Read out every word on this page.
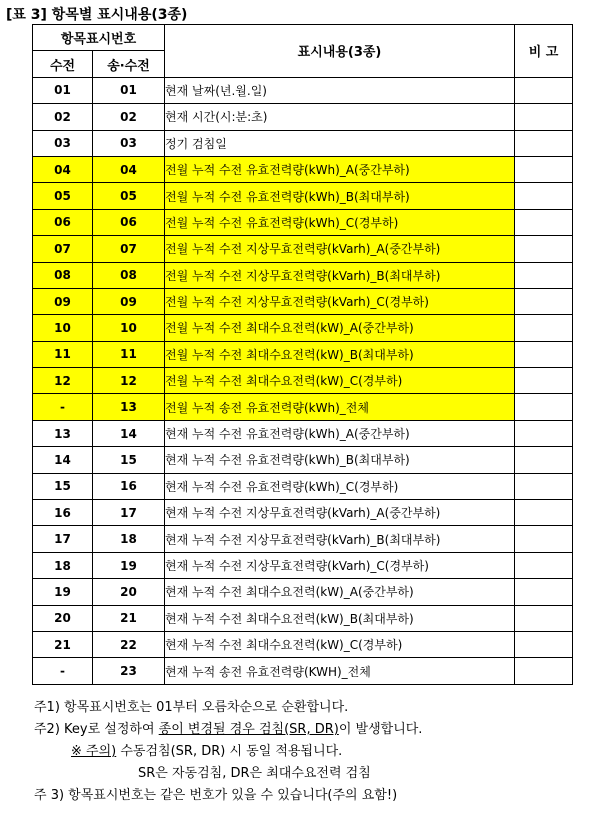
[표 3] 항목별 표시내용(3종)
항목표시번호		표시내용(3종)	비 고
수전	송·수전		
01	01	현재 날짜(년.월.일)	
02	02	현재 시간(시:분:초)	
03	03	정기 검침일	
04	04	전월 누적 수전 유효전력량(kWh)_A(중간부하)	
05	05	전월 누적 수전 유효전력량(kWh)_B(최대부하)	
06	06	전월 누적 수전 유효전력량(kWh)_C(경부하)	
07	07	전월 누적 수전 지상무효전력량(kVarh)_A(중간부하)	
08	08	전월 누적 수전 지상무효전력량(kVarh)_B(최대부하)	
09	09	전월 누적 수전 지상무효전력량(kVarh)_C(경부하)	
10	10	전월 누적 수전 최대수요전력(kW)_A(중간부하)	
11	11	전월 누적 수전 최대수요전력(kW)_B(최대부하)	
12	12	전월 누적 수전 최대수요전력(kW)_C(경부하)	
-	13	전월 누적 송전 유효전력량(kWh)_전체	
13	14	현재 누적 수전 유효전력량(kWh)_A(중간부하)	
14	15	현재 누적 수전 유효전력량(kWh)_B(최대부하)	
15	16	현재 누적 수전 유효전력량(kWh)_C(경부하)	
16	17	현재 누적 수전 지상무효전력량(kVarh)_A(중간부하)	
17	18	현재 누적 수전 지상무효전력량(kVarh)_B(최대부하)	
18	19	현재 누적 수전 지상무효전력량(kVarh)_C(경부하)	
19	20	현재 누적 수전 최대수요전력(kW)_A(중간부하)	
20	21	현재 누적 수전 최대수요전력(kW)_B(최대부하)	
21	22	현재 누적 수전 최대수요전력(kW)_C(경부하)	
-	23	현재 누적 송전 유효전력량(KWH)_전체	
주1) 항목표시번호는 01부터 오름차순으로 순환합니다.
주2) Key로 설정하여 종이 변경될 경우 검침(SR, DR)이 발생합니다.
※ 주의) 수동검침(SR, DR) 시 동일 적용됩니다.
SR은 자동검침, DR은 최대수요전력 검침
주 3) 항목표시번호는 같은 번호가 있을 수 있습니다(주의 요함!)
